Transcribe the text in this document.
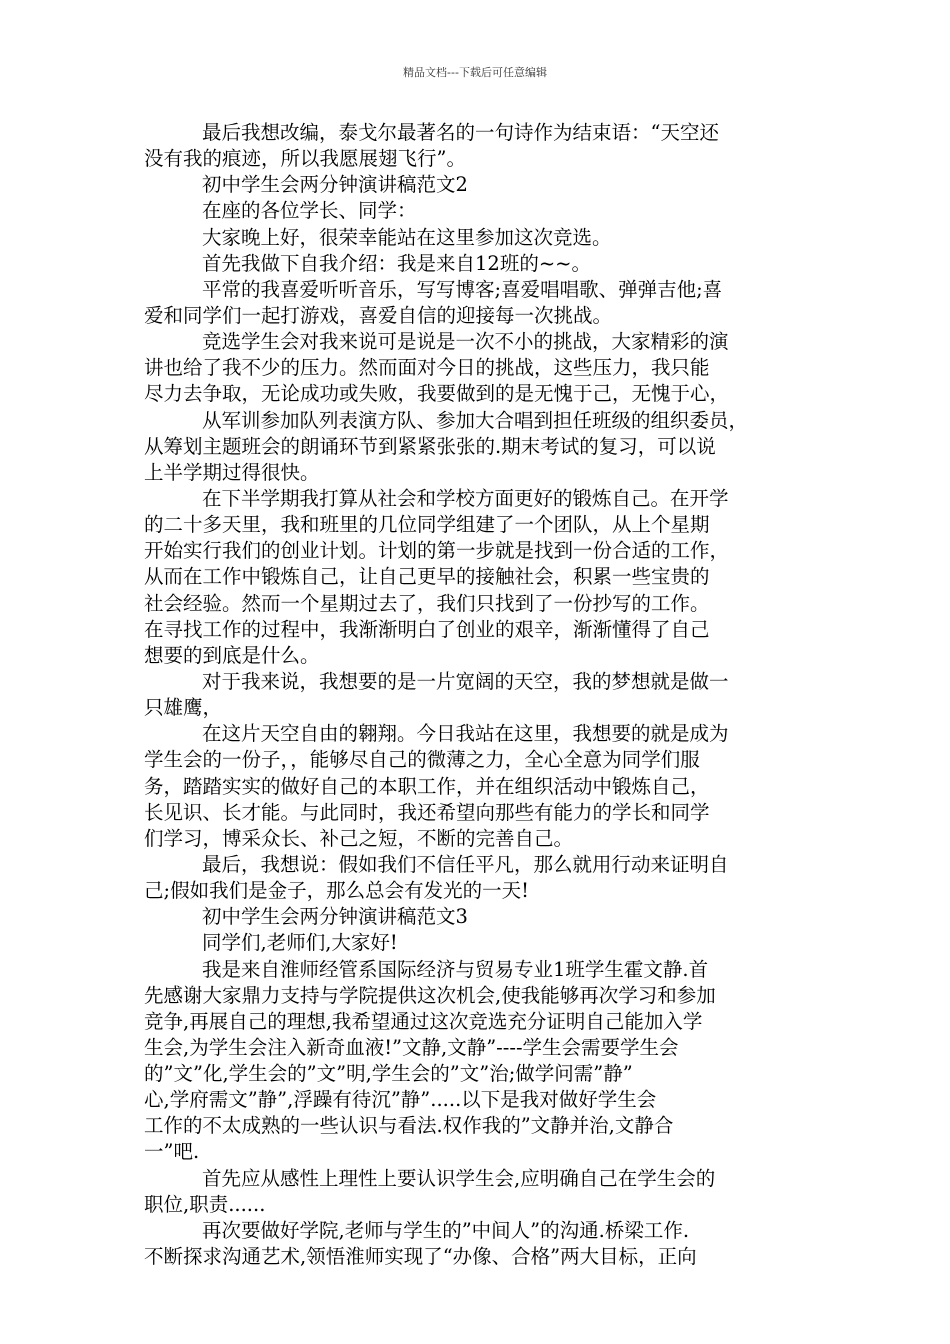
精品文档---下载后可任意编辑
最后我想改编，泰戈尔最著名的一句诗作为结束语：“天空还
没有我的痕迹，所以我愿展翅飞行”。
初中学生会两分钟演讲稿范文2
在座的各位学长、同学：
大家晚上好，很荣幸能站在这里参加这次竞选。
首先我做下自我介绍：我是来自12班的~~。
平常的我喜爱听听音乐，写写博客;喜爱唱唱歌、弹弹吉他;喜
爱和同学们一起打游戏，喜爱自信的迎接每一次挑战。
竞选学生会对我来说可是说是一次不小的挑战，大家精彩的演
讲也给了我不少的压力。然而面对今日的挑战，这些压力，我只能
尽力去争取，无论成功或失败，我要做到的是无愧于己，无愧于心，
从军训参加队列表演方队、参加大合唱到担任班级的组织委员，
从筹划主题班会的朗诵环节到紧紧张张的.期末考试的复习，可以说
上半学期过得很快。
在下半学期我打算从社会和学校方面更好的锻炼自己。在开学
的二十多天里，我和班里的几位同学组建了一个团队，从上个星期
开始实行我们的创业计划。计划的第一步就是找到一份合适的工作，
从而在工作中锻炼自己，让自己更早的接触社会，积累一些宝贵的
社会经验。然而一个星期过去了，我们只找到了一份抄写的工作。
在寻找工作的过程中，我渐渐明白了创业的艰辛，渐渐懂得了自己
想要的到底是什么。
对于我来说，我想要的是一片宽阔的天空，我的梦想就是做一
只雄鹰，
在这片天空自由的翱翔。今日我站在这里，我想要的就是成为
学生会的一份子，，能够尽自己的微薄之力，全心全意为同学们服
务，踏踏实实的做好自己的本职工作，并在组织活动中锻炼自己，
长见识、长才能。与此同时，我还希望向那些有能力的学长和同学
们学习，博采众长、补己之短，不断的完善自己。
最后，我想说：假如我们不信任平凡，那么就用行动来证明自
己;假如我们是金子，那么总会有发光的一天!
初中学生会两分钟演讲稿范文3
同学们,老师们,大家好!
我是来自淮师经管系国际经济与贸易专业1班学生霍文静.首
先感谢大家鼎力支持与学院提供这次机会,使我能够再次学习和参加
竞争,再展自己的理想,我希望通过这次竞选充分证明自己能加入学
生会,为学生会注入新奇血液!”文静,文静”----学生会需要学生会
的”文”化,学生会的”文”明,学生会的”文”治;做学问需”静”
心,学府需文”静”,浮躁有待沉”静”.....以下是我对做好学生会
工作的不太成熟的一些认识与看法.权作我的”文静并治,文静合
一”吧.
首先应从感性上理性上要认识学生会,应明确自己在学生会的
职位,职责......
再次要做好学院,老师与学生的”中间人”的沟通.桥梁工作.
不断探求沟通艺术,领悟淮师实现了“办像、合格”两大目标，正向
